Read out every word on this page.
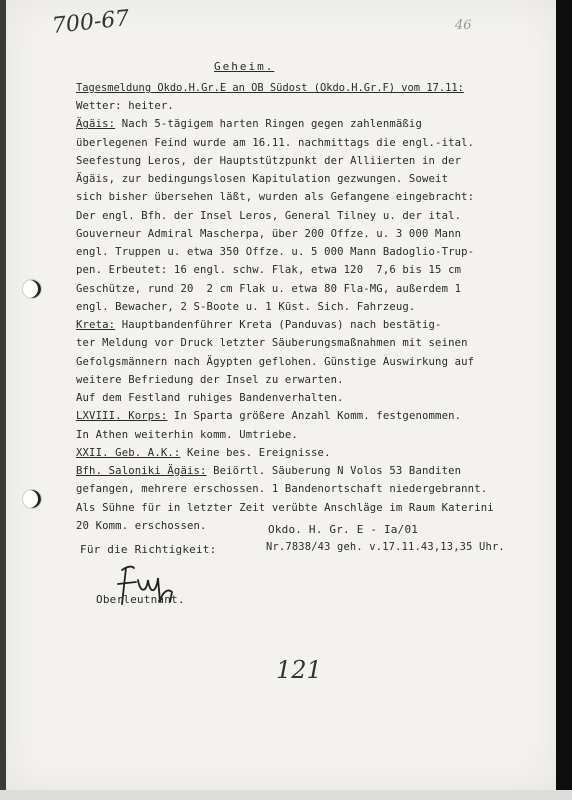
700-67	46
121
Geheim.
Tagesmeldung Okdo.H.Gr.E an OB Südost (Okdo.H.Gr.F) vom 17.11:
Wetter: heiter.
Ägäis: Nach 5-tägigem harten Ringen gegen zahlenmäßig
überlegenen Feind wurde am 16.11. nachmittags die engl.-ital.
Seefestung Leros, der Hauptstützpunkt der Alliierten in der
Ägäis, zur bedingungslosen Kapitulation gezwungen. Soweit
sich bisher übersehen läßt, wurden als Gefangene eingebracht:
Der engl. Bfh. der Insel Leros, General Tilney u. der ital.
Gouverneur Admiral Mascherpa, über 200 Offze. u. 3 000 Mann
engl. Truppen u. etwa 350 Offze. u. 5 000 Mann Badoglio-Trup-
pen. Erbeutet: 16 engl. schw. Flak, etwa 120  7,6 bis 15 cm
Geschütze, rund 20  2 cm Flak u. etwa 80 Fla-MG, außerdem 1
engl. Bewacher, 2 S-Boote u. 1 Küst. Sich. Fahrzeug.
Kreta: Hauptbandenführer Kreta (Panduvas) nach bestätig-
ter Meldung vor Druck letzter Säuberungsmaßnahmen mit seinen
Gefolgsmännern nach Ägypten geflohen. Günstige Auswirkung auf
weitere Befriedung der Insel zu erwarten.
Auf dem Festland ruhiges Bandenverhalten.
LXVIII. Korps: In Sparta größere Anzahl Komm. festgenommen.
In Athen weiterhin komm. Umtriebe.
XXII. Geb. A.K.: Keine bes. Ereignisse.
Bfh. Saloniki Ägäis: Beiörtl. Säuberung N Volos 53 Banditen
gefangen, mehrere erschossen. 1 Bandenortschaft niedergebrannt.
Als Sühne für in letzter Zeit verübte Anschläge im Raum Katerini
20 Komm. erschossen.	Okdo. H. Gr. E - Ia/01
Für die Richtigkeit:	Nr.7838/43 geh. v.17.11.43,13,35 Uhr.
Oberleutnant.
